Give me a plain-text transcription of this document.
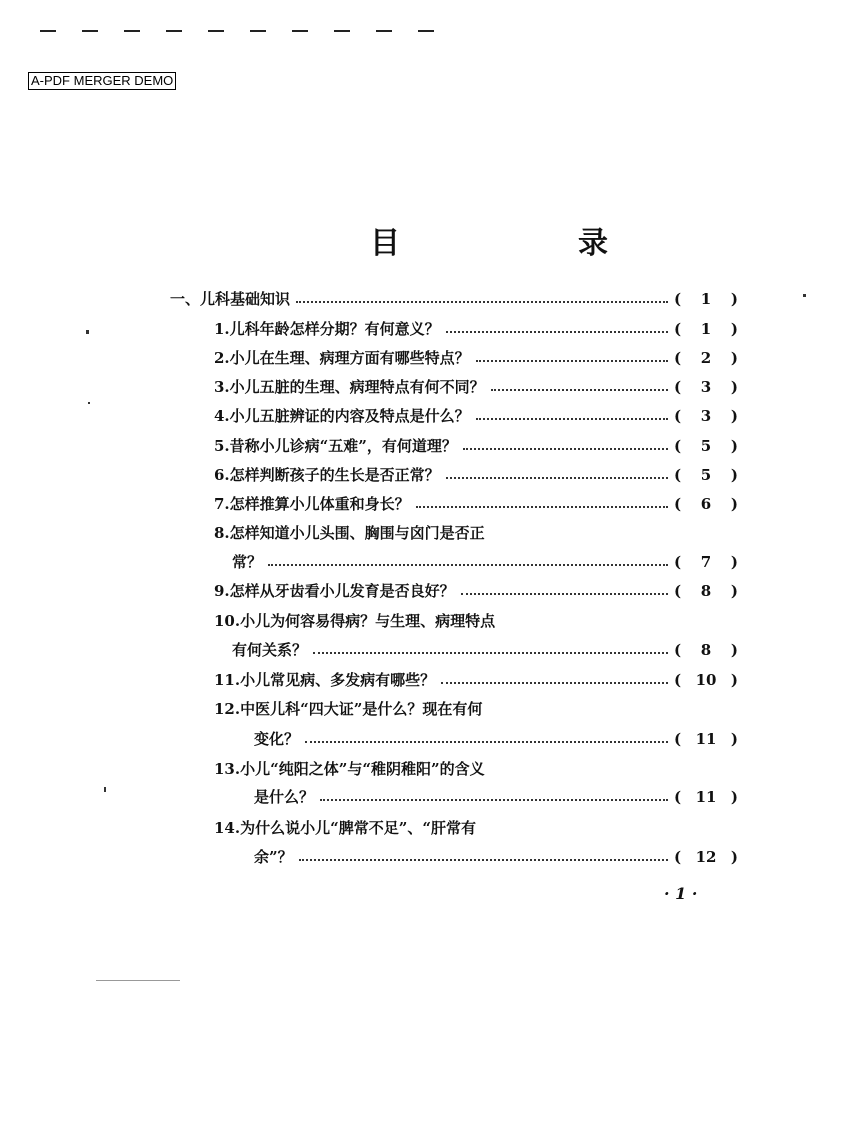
A-PDF MERGER DEMO
目　录
一、儿科基础知识	( 1 )
1.儿科年龄怎样分期？有何意义？	( 1 )
2.小儿在生理、病理方面有哪些特点？	( 2 )
3.小儿五脏的生理、病理特点有何不同？	( 3 )
4.小儿五脏辨证的内容及特点是什么？	( 3 )
5.昔称小儿诊病“五难”，有何道理？	( 5 )
6.怎样判断孩子的生长是否正常？	( 5 )
7.怎样推算小儿体重和身长？	( 6 )
8.怎样知道小儿头围、胸围与囟门是否正
常？	( 7 )
9.怎样从牙齿看小儿发育是否良好？	( 8 )
10.小儿为何容易得病？与生理、病理特点
有何关系？	( 8 )
11.小儿常见病、多发病有哪些？	( 10 )
12.中医儿科“四大证”是什么？现在有何
变化？	( 11 )
13.小儿“纯阳之体”与“稚阴稚阳”的含义
是什么？	( 11 )
14.为什么说小儿“脾常不足”、“肝常有
余”？	( 12 )
· 1 ·
